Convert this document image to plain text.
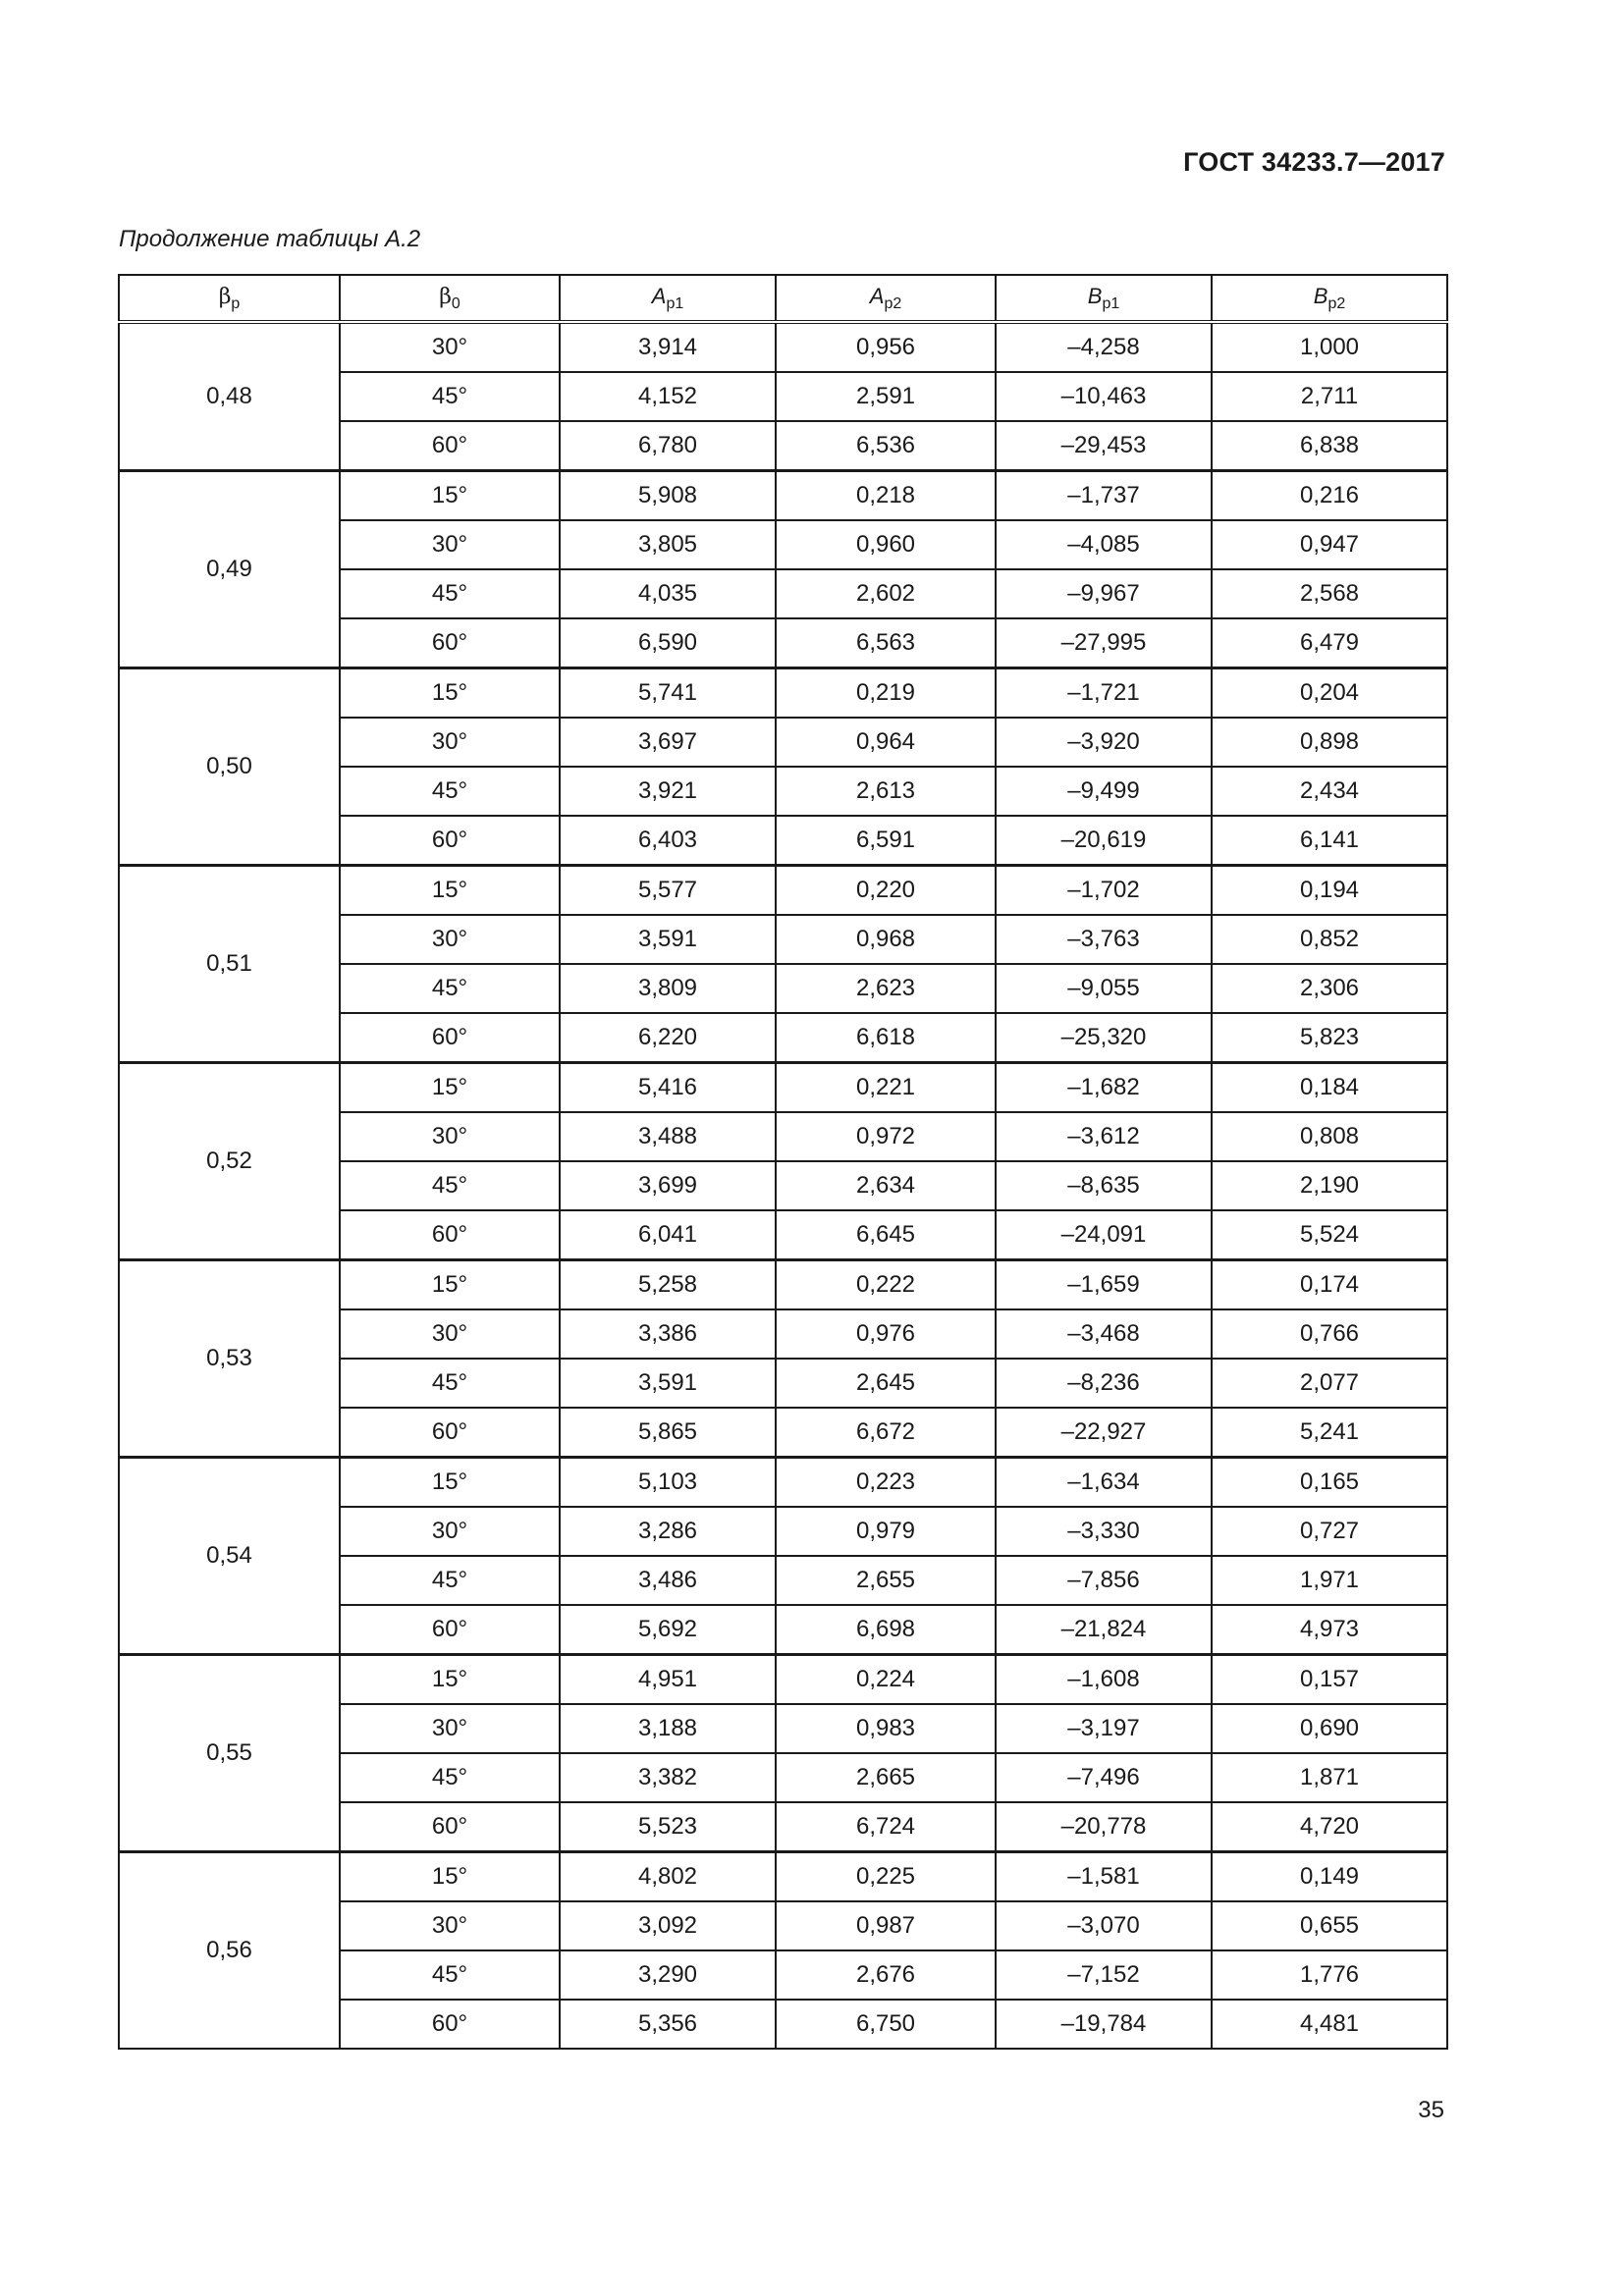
ГОСТ 34233.7—2017
Продолжение таблицы А.2
$\beta_p$	$\beta_0$	$A_{p1}$	$A_{p2}$	$B_{p1}$	$B_{p2}$
0,48	30°	3,914	0,956	–4,258	1,000
	45°	4,152	2,591	–10,463	2,711
	60°	6,780	6,536	–29,453	6,838
0,49	15°	5,908	0,218	–1,737	0,216
	30°	3,805	0,960	–4,085	0,947
	45°	4,035	2,602	–9,967	2,568
	60°	6,590	6,563	–27,995	6,479
0,50	15°	5,741	0,219	–1,721	0,204
	30°	3,697	0,964	–3,920	0,898
	45°	3,921	2,613	–9,499	2,434
	60°	6,403	6,591	–20,619	6,141
0,51	15°	5,577	0,220	–1,702	0,194
	30°	3,591	0,968	–3,763	0,852
	45°	3,809	2,623	–9,055	2,306
	60°	6,220	6,618	–25,320	5,823
0,52	15°	5,416	0,221	–1,682	0,184
	30°	3,488	0,972	–3,612	0,808
	45°	3,699	2,634	–8,635	2,190
	60°	6,041	6,645	–24,091	5,524
0,53	15°	5,258	0,222	–1,659	0,174
	30°	3,386	0,976	–3,468	0,766
	45°	3,591	2,645	–8,236	2,077
	60°	5,865	6,672	–22,927	5,241
0,54	15°	5,103	0,223	–1,634	0,165
	30°	3,286	0,979	–3,330	0,727
	45°	3,486	2,655	–7,856	1,971
	60°	5,692	6,698	–21,824	4,973
0,55	15°	4,951	0,224	–1,608	0,157
	30°	3,188	0,983	–3,197	0,690
	45°	3,382	2,665	–7,496	1,871
	60°	5,523	6,724	–20,778	4,720
0,56	15°	4,802	0,225	–1,581	0,149
	30°	3,092	0,987	–3,070	0,655
	45°	3,290	2,676	–7,152	1,776
	60°	5,356	6,750	–19,784	4,481
35
